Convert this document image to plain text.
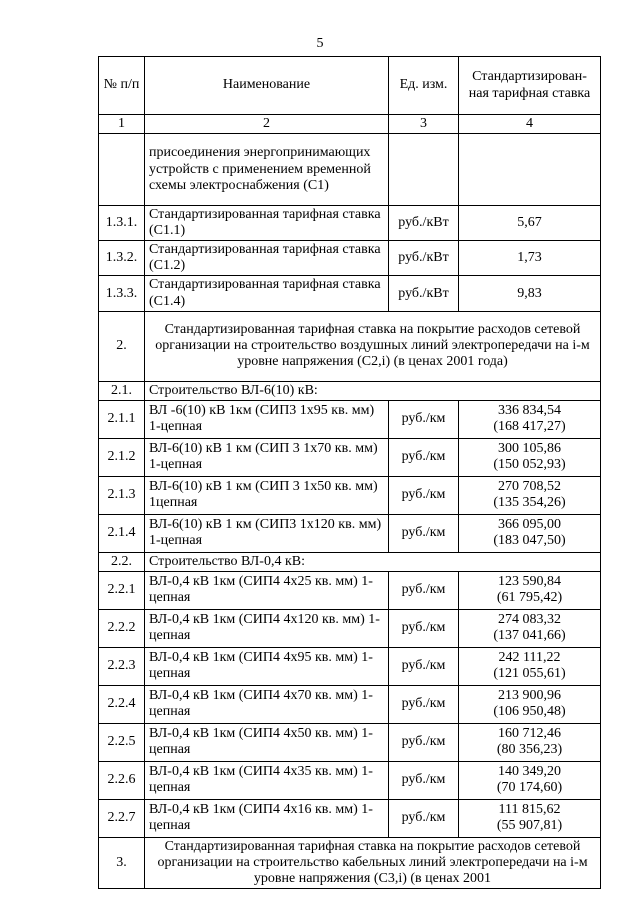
5
№ п/п	Наименование	Ед. изм.	Стандартизирован- ная тарифная ставка
1	2	3	4
	присоединения энергопринимающих устройств с применением временной схемы электроснабжения (С1)		
1.3.1.	Стандартизированная тарифная ставка (С1.1)	руб./кВт	5,67

1.3.2.	Стандартизированная тарифная ставка (С1.2)	руб./кВт	1,73

1.3.3.	Стандартизированная тарифная ставка (С1.4)	руб./кВт	9,83

2.	Стандартизированная тарифная ставка на покрытие расходов сетевой организации на строительство воздушных линий электропередачи на i-м уровне напряжения (С2,i) (в ценах 2001 года)		
2.1.	Строительство ВЛ-6(10) кВ:		
2.1.1	ВЛ -6(10) кВ 1км (СИП3 1х95 кв. мм) 1-цепная	руб./км	336 834,54
(168 417,27)

2.1.2	ВЛ-6(10) кВ 1 км (СИП 3 1х70 кв. мм) 1-цепная	руб./км	300 105,86
(150 052,93)

2.1.3	ВЛ-6(10) кВ 1 км (СИП 3 1х50 кв. мм) 1цепная	руб./км	270 708,52
(135 354,26)

2.1.4	ВЛ-6(10) кВ 1 км (СИП3 1х120 кв. мм) 1-цепная	руб./км	366 095,00
(183 047,50)

2.2.	Строительство ВЛ-0,4 кВ:		
2.2.1	ВЛ-0,4 кВ 1км (СИП4 4х25 кв. мм) 1- цепная	руб./км	123 590,84
(61 795,42)

2.2.2	ВЛ-0,4 кВ 1км (СИП4 4х120 кв. мм) 1- цепная	руб./км	274 083,32
(137 041,66)

2.2.3	ВЛ-0,4 кВ 1км (СИП4 4х95 кв. мм) 1- цепная	руб./км	242 111,22
(121 055,61)

2.2.4	ВЛ-0,4 кВ 1км (СИП4 4х70 кв. мм) 1- цепная	руб./км	213 900,96
(106 950,48)

2.2.5	ВЛ-0,4 кВ 1км (СИП4 4х50 кв. мм) 1- цепная	руб./км	160 712,46
(80 356,23)

2.2.6	ВЛ-0,4 кВ 1км (СИП4 4х35 кв. мм) 1- цепная	руб./км	140 349,20
(70 174,60)

2.2.7	ВЛ-0,4 кВ 1км (СИП4 4х16 кв. мм) 1- цепная	руб./км	111 815,62
(55 907,81)

3.	Стандартизированная тарифная ставка на покрытие расходов сетевой организации на строительство кабельных линий электропередачи на i-м уровне напряжения (С3,i) (в ценах 2001		
